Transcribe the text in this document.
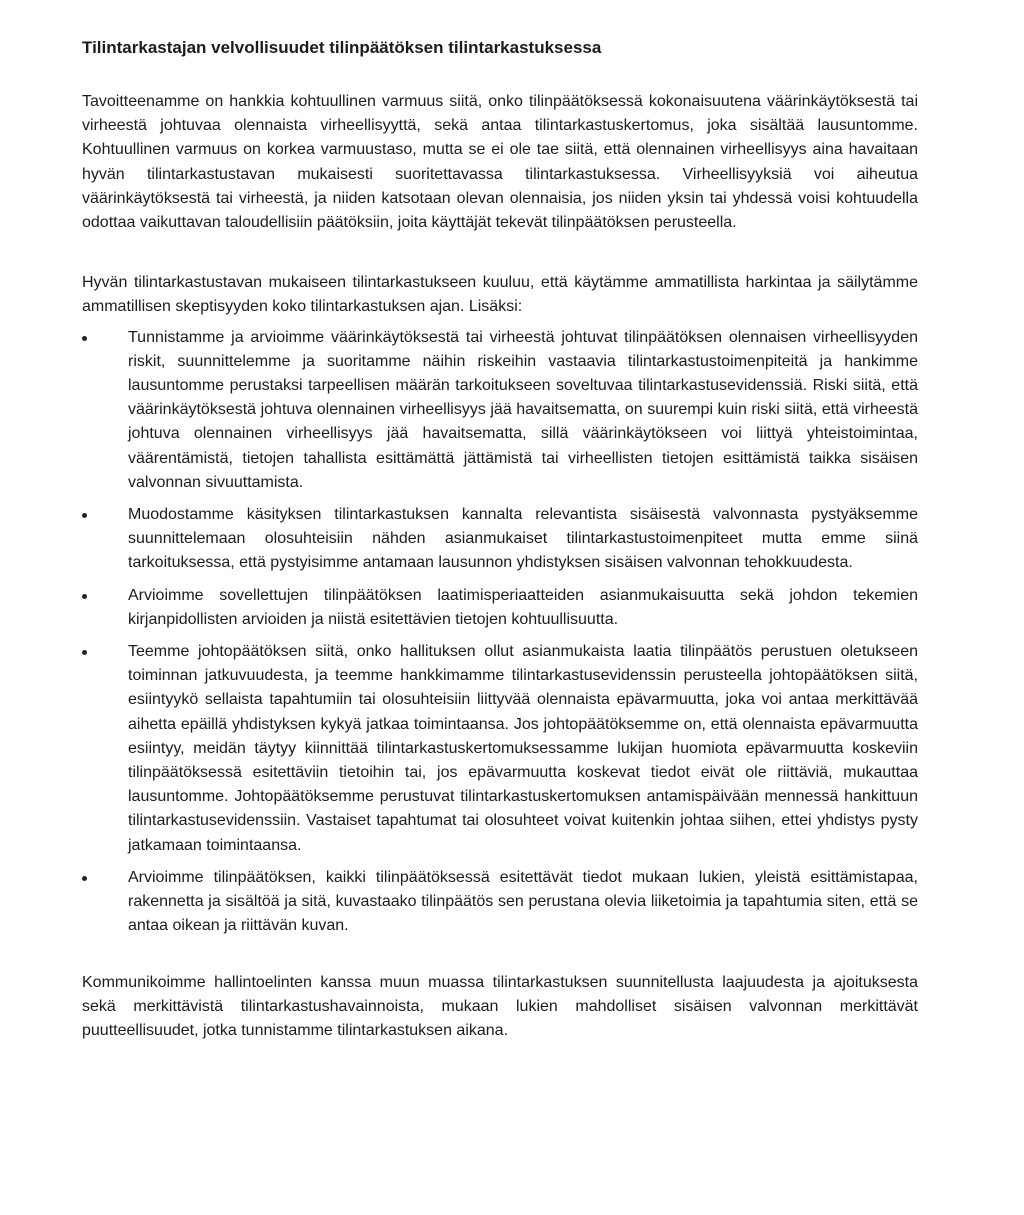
Tilintarkastajan velvollisuudet tilinpäätöksen tilintarkastuksessa

Tavoitteenamme on hankkia kohtuullinen varmuus siitä, onko tilinpäätöksessä kokonaisuutena väärinkäytöksestä tai virheestä johtuvaa olennaista virheellisyyttä, sekä antaa tilintarkastuskertomus, joka sisältää lausuntomme. Kohtuullinen varmuus on korkea varmuustaso, mutta se ei ole tae siitä, että olennainen virheellisyys aina havaitaan hyvän tilintarkastustavan mukaisesti suoritettavassa tilintarkastuksessa. Virheellisyyksiä voi aiheutua väärinkäytöksestä tai virheestä, ja niiden katsotaan olevan olennaisia, jos niiden yksin tai yhdessä voisi kohtuudella odottaa vaikuttavan taloudellisiin päätöksiin, joita käyttäjät tekevät tilinpäätöksen perusteella.

Hyvän tilintarkastustavan mukaiseen tilintarkastukseen kuuluu, että käytämme ammatillista harkintaa ja säilytämme ammatillisen skeptisyyden koko tilintarkastuksen ajan. Lisäksi:

Tunnistamme ja arvioimme väärinkäytöksestä tai virheestä johtuvat tilinpäätöksen olennaisen virheellisyyden riskit, suunnittelemme ja suoritamme näihin riskeihin vastaavia tilintarkastustoimenpiteitä ja hankimme lausuntomme perustaksi tarpeellisen määrän tarkoitukseen soveltuvaa tilintarkastusevidenssiä. Riski siitä, että väärinkäytöksestä johtuva olennainen virheellisyys jää havaitsematta, on suurempi kuin riski siitä, että virheestä johtuva olennainen virheellisyys jää havaitsematta, sillä väärinkäytökseen voi liittyä yhteistoimintaa, väärentämistä, tietojen tahallista esittämättä jättämistä tai virheellisten tietojen esittämistä taikka sisäisen valvonnan sivuuttamista.

Muodostamme käsityksen tilintarkastuksen kannalta relevantista sisäisestä valvonnasta pystyäksemme suunnittelemaan olosuhteisiin nähden asianmukaiset tilintarkastustoimenpiteet mutta emme siinä tarkoituksessa, että pystyisimme antamaan lausunnon yhdistyksen sisäisen valvonnan tehokkuudesta.

Arvioimme sovellettujen tilinpäätöksen laatimisperiaatteiden asianmukaisuutta sekä johdon tekemien kirjanpidollisten arvioiden ja niistä esitettävien tietojen kohtuullisuutta.

Teemme johtopäätöksen siitä, onko hallituksen ollut asianmukaista laatia tilinpäätös perustuen oletukseen toiminnan jatkuvuudesta, ja teemme hankkimamme tilintarkastusevidenssin perusteella johtopäätöksen siitä, esiintyykö sellaista tapahtumiin tai olosuhteisiin liittyvää olennaista epävarmuutta, joka voi antaa merkittävää aihetta epäillä yhdistyksen kykyä jatkaa toimintaansa. Jos johtopäätöksemme on, että olennaista epävarmuutta esiintyy, meidän täytyy kiinnittää tilintarkastuskertomuksessamme lukijan huomiota epävarmuutta koskeviin tilinpäätöksessä esitettäviin tietoihin tai, jos epävarmuutta koskevat tiedot eivät ole riittäviä, mukauttaa lausuntomme. Johtopäätöksemme perustuvat tilintarkastuskertomuksen antamispäivään mennessä hankittuun tilintarkastusevidenssiin. Vastaiset tapahtumat tai olosuhteet voivat kuitenkin johtaa siihen, ettei yhdistys pysty jatkamaan toimintaansa.

Arvioimme tilinpäätöksen, kaikki tilinpäätöksessä esitettävät tiedot mukaan lukien, yleistä esittämistapaa, rakennetta ja sisältöä ja sitä, kuvastaako tilinpäätös sen perustana olevia liiketoimia ja tapahtumia siten, että se antaa oikean ja riittävän kuvan.

Kommunikoimme hallintoelinten kanssa muun muassa tilintarkastuksen suunnitellusta laajuudesta ja ajoituksesta sekä merkittävistä tilintarkastushavainnoista, mukaan lukien mahdolliset sisäisen valvonnan merkittävät puutteellisuudet, jotka tunnistamme tilintarkastuksen aikana.
